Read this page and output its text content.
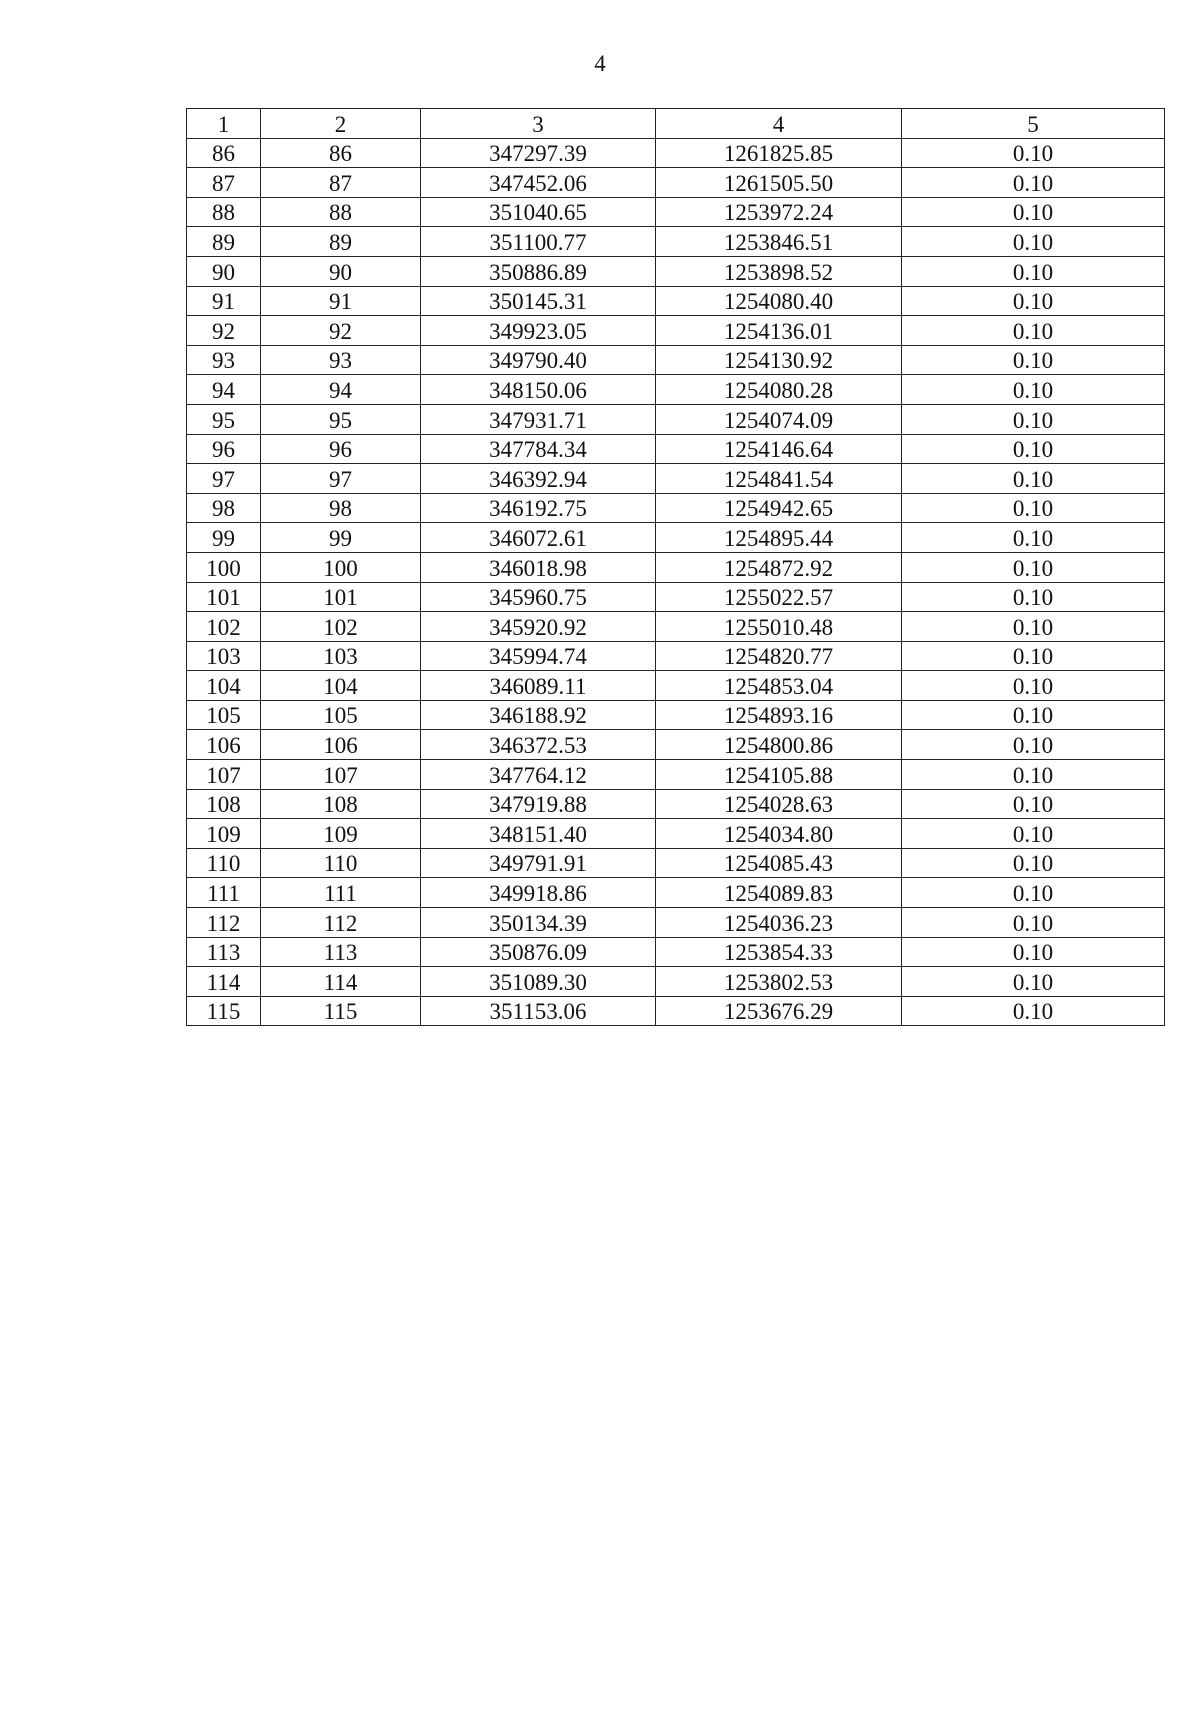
4
1	2	3	4	5
86	86	347297.39	1261825.85	0.10
87	87	347452.06	1261505.50	0.10
88	88	351040.65	1253972.24	0.10
89	89	351100.77	1253846.51	0.10
90	90	350886.89	1253898.52	0.10
91	91	350145.31	1254080.40	0.10
92	92	349923.05	1254136.01	0.10
93	93	349790.40	1254130.92	0.10
94	94	348150.06	1254080.28	0.10
95	95	347931.71	1254074.09	0.10
96	96	347784.34	1254146.64	0.10
97	97	346392.94	1254841.54	0.10
98	98	346192.75	1254942.65	0.10
99	99	346072.61	1254895.44	0.10
100	100	346018.98	1254872.92	0.10
101	101	345960.75	1255022.57	0.10
102	102	345920.92	1255010.48	0.10
103	103	345994.74	1254820.77	0.10
104	104	346089.11	1254853.04	0.10
105	105	346188.92	1254893.16	0.10
106	106	346372.53	1254800.86	0.10
107	107	347764.12	1254105.88	0.10
108	108	347919.88	1254028.63	0.10
109	109	348151.40	1254034.80	0.10
110	110	349791.91	1254085.43	0.10
111	111	349918.86	1254089.83	0.10
112	112	350134.39	1254036.23	0.10
113	113	350876.09	1253854.33	0.10
114	114	351089.30	1253802.53	0.10
115	115	351153.06	1253676.29	0.10
